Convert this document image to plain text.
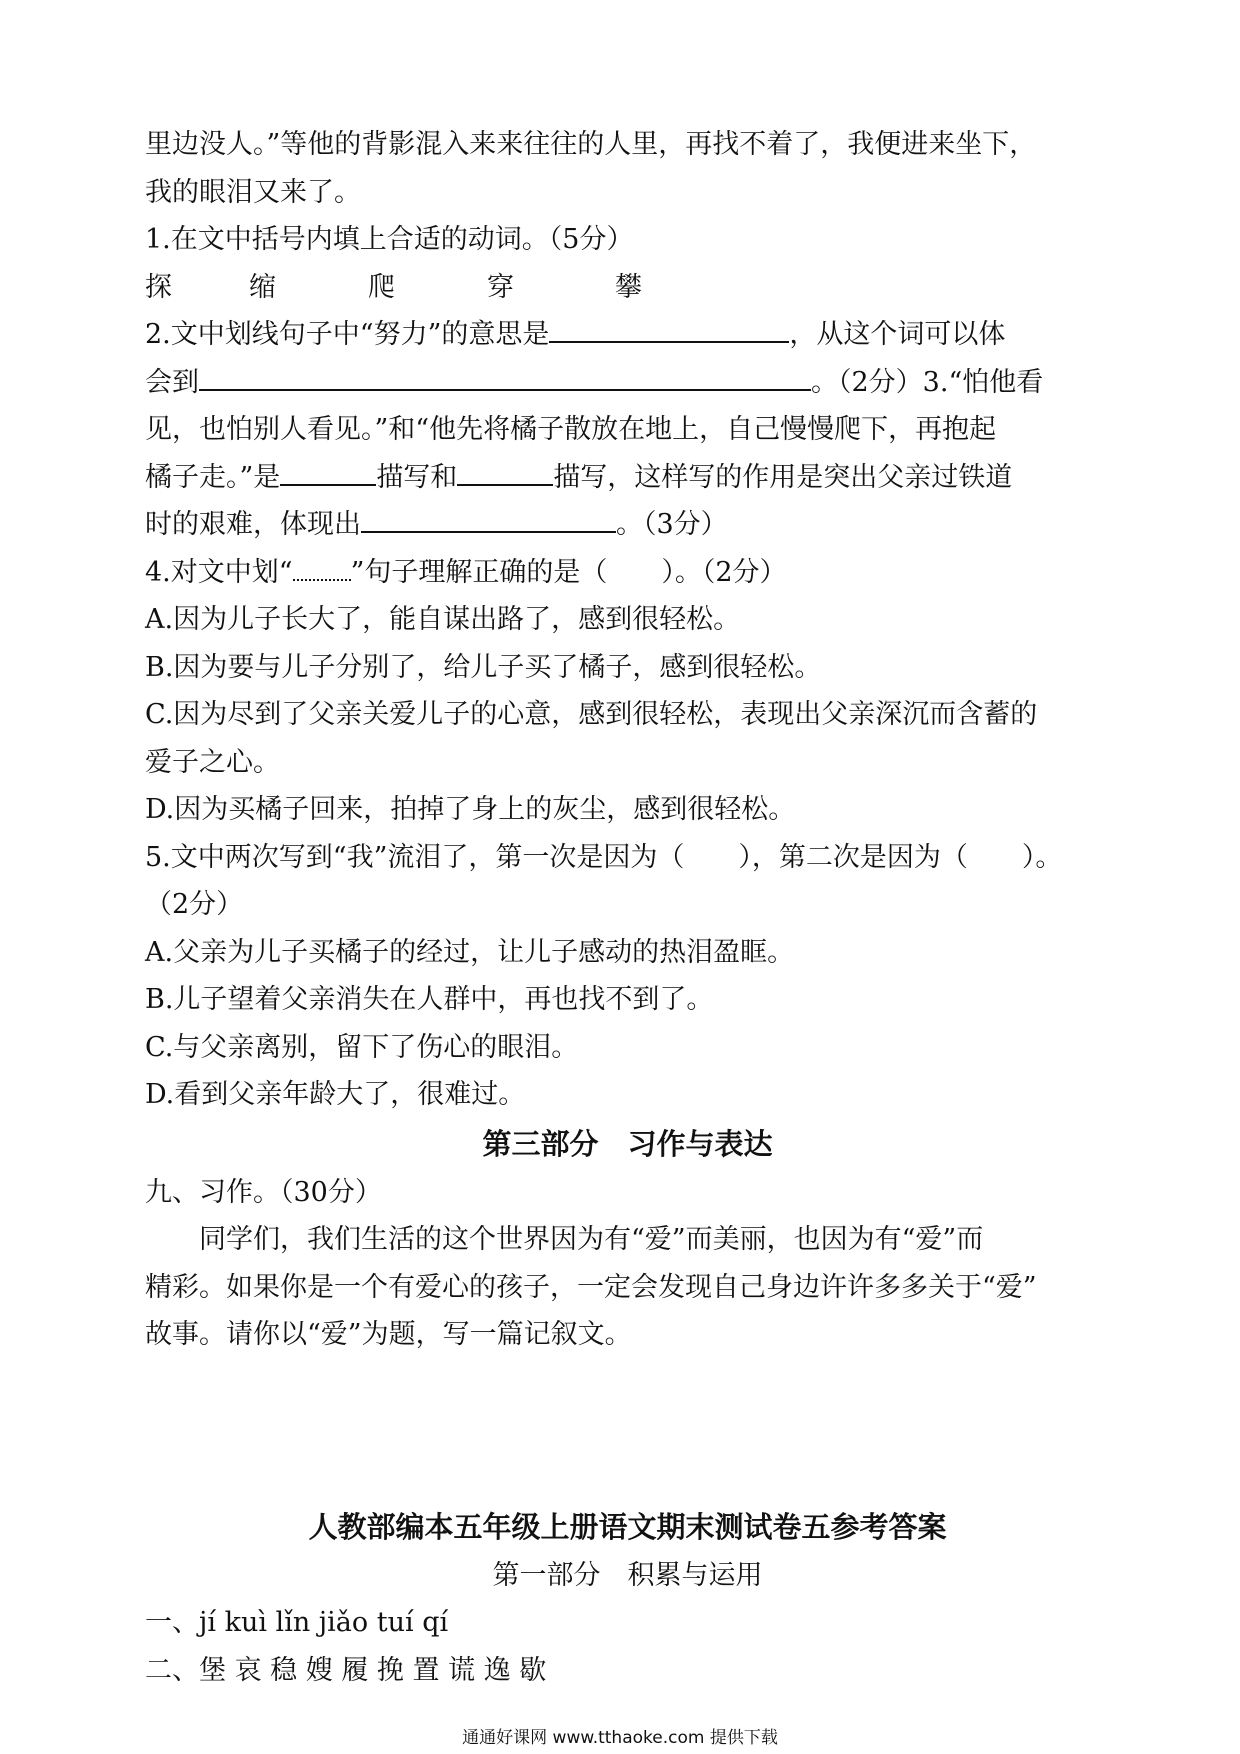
里边没人。”等他的背影混入来来往往的人里，再找不着了，我便进来坐下，
我的眼泪又来了。
1.在文中括号内填上合适的动词。（5分）
探	缩	爬	穿	攀
2.文中划线句子中“努力”的意思是	，从这个词可以体
会到	。（2分）3.“怕他看
见，也怕别人看见。”和“他先将橘子散放在地上，自己慢慢爬下，再抱起
橘子走。”是	描写和	描写，这样写的作用是突出父亲过铁道
时的艰难，体现出	。（3分）
4.对文中划“ ”句子理解正确的是（　　）。（2分）
A.因为儿子长大了，能自谋出路了，感到很轻松。
B.因为要与儿子分别了，给儿子买了橘子，感到很轻松。
C.因为尽到了父亲关爱儿子的心意，感到很轻松，表现出父亲深沉而含蓄的
爱子之心。
D.因为买橘子回来，拍掉了身上的灰尘，感到很轻松。
5.文中两次写到“我”流泪了，第一次是因为（　　），第二次是因为（　　）。
（2分）
A.父亲为儿子买橘子的经过，让儿子感动的热泪盈眶。
B.儿子望着父亲消失在人群中，再也找不到了。
C.与父亲离别，留下了伤心的眼泪。
D.看到父亲年龄大了，很难过。
第三部分　习作与表达
九、习作。（30分）
同学们，我们生活的这个世界因为有“爱”而美丽，也因为有“爱”而
精彩。如果你是一个有爱心的孩子，一定会发现自己身边许许多多关于“爱”
故事。请你以“爱”为题，写一篇记叙文。
人教部编本五年级上册语文期末测试卷五参考答案
第一部分　积累与运用
一、jí kuì lǐn jiǎo tuí qí
二、堡 哀 稳 嫂 履 挽 置 谎 逸 歇
通通好课网 www.tthaoke.com 提供下载
